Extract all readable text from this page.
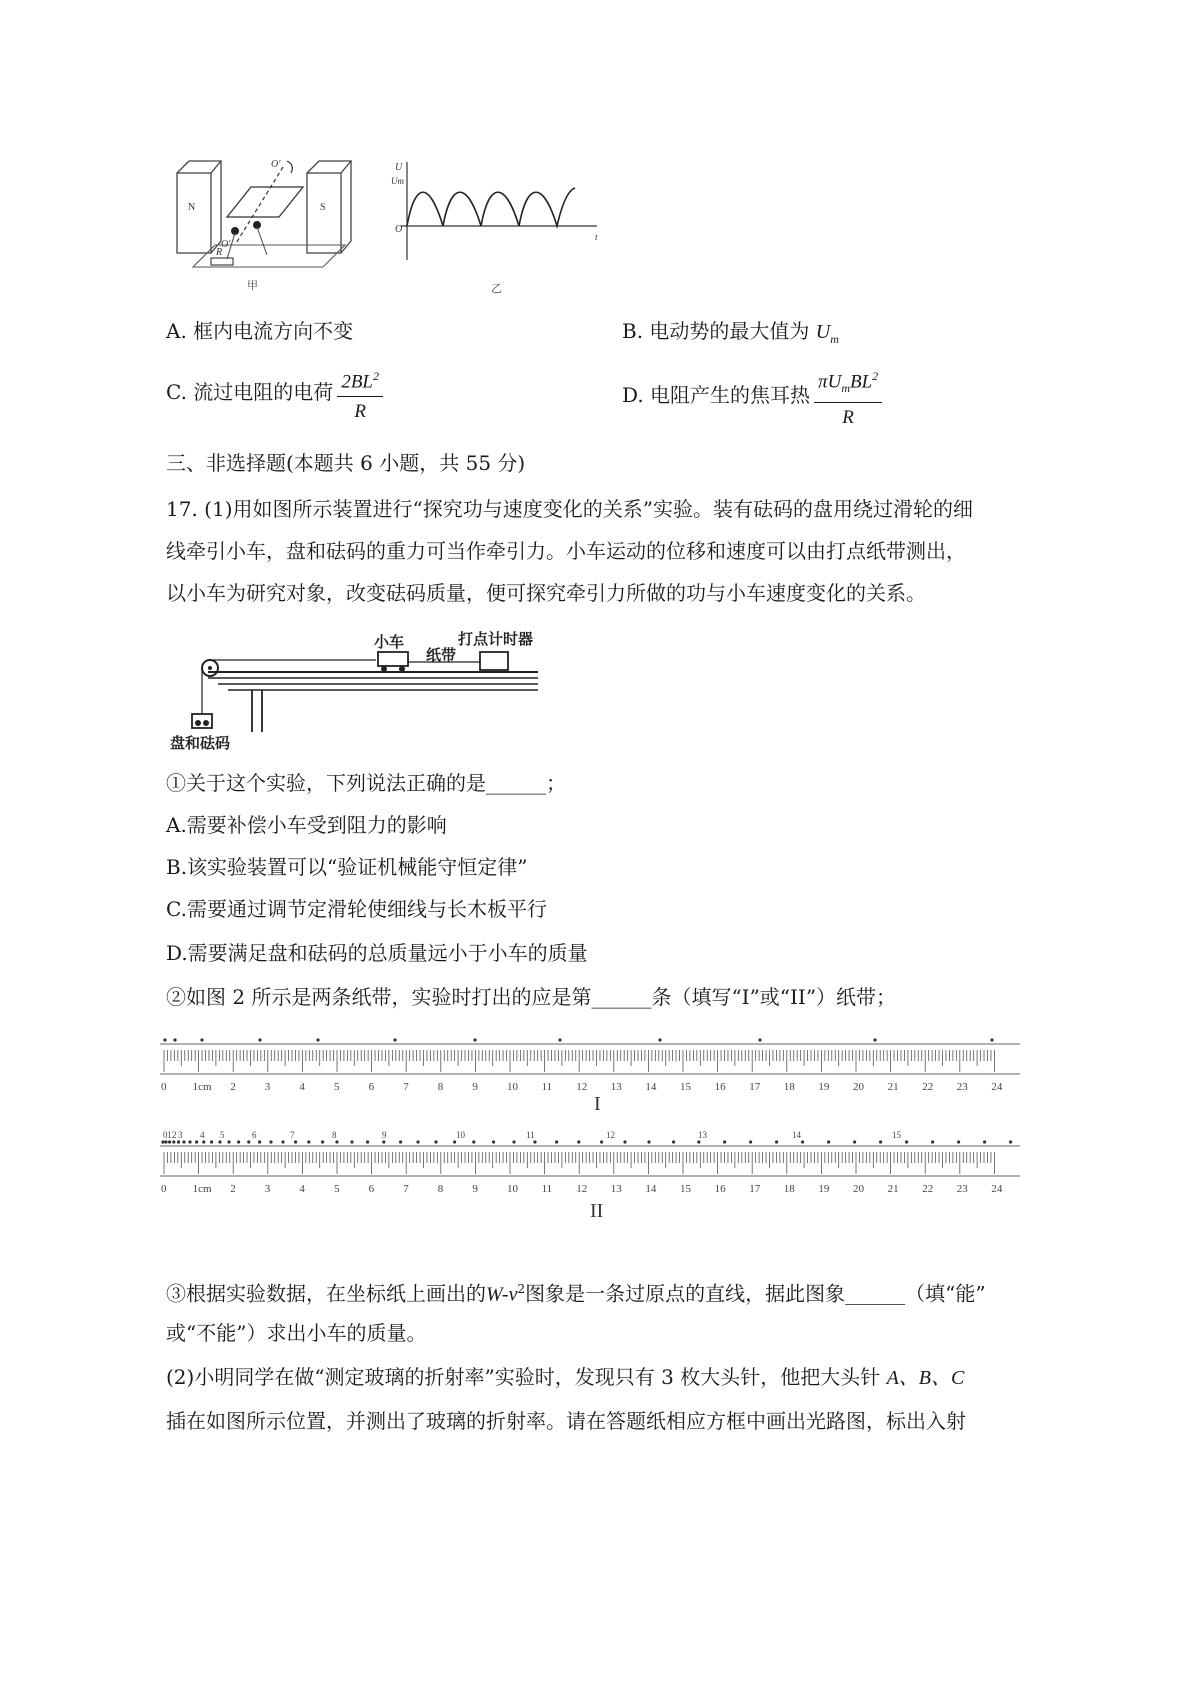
N	S
O'
O'
R
甲
U
Um
O
t
乙
A. 框内电流方向不变	B. 电动势的最大值为 $U_m$
C. 流过电阻的电荷 $\frac{2BL^2}{R}$	D. 电阻产生的焦耳热 $\frac{\pi U_mBL^2}{R}$
三、非选择题(本题共 6 小题，共 55 分)
17. (1)用如图所示装置进行“探究功与速度变化的关系”实验。装有砝码的盘用绕过滑轮的细
线牵引小车，盘和砝码的重力可当作牵引力。小车运动的位移和速度可以由打点纸带测出，
以小车为研究对象，改变砝码质量，便可探究牵引力所做的功与小车速度变化的关系。
小车
纸带
打点计时器
盘和砝码
①关于这个实验，下列说法正确的是______；
A.需要补偿小车受到阻力的影响
B.该实验装置可以“验证机械能守恒定律”
C.需要通过调节定滑轮使细线与长木板平行
D.需要满足盘和砝码的总质量远小于小车的质量
②如图 2 所示是两条纸带，实验时打出的应是第______条（填写“I”或“II”）纸带；
0 1cm 2	3	4	5	6	7	8	9	10 11 12 13 14 15 16 17 18 19 20 21 22 23 24
0 1cm 2	3	4	5	6	7	8	9	10 11 12 13 14 15 16 17 18 19 20 21 22 23 24
0 1 2 3 4 5	6	7	8	9	10	11	12	13	14	15
I
II
③根据实验数据，在坐标纸上画出的$W-v^2$图象是一条过原点的直线，据此图象______（填“能”
或“不能”）求出小车的质量。
(2)小明同学在做“测定玻璃的折射率”实验时，发现只有 3 枚大头针，他把大头针 A、B、C
插在如图所示位置，并测出了玻璃的折射率。请在答题纸相应方框中画出光路图，标出入射
